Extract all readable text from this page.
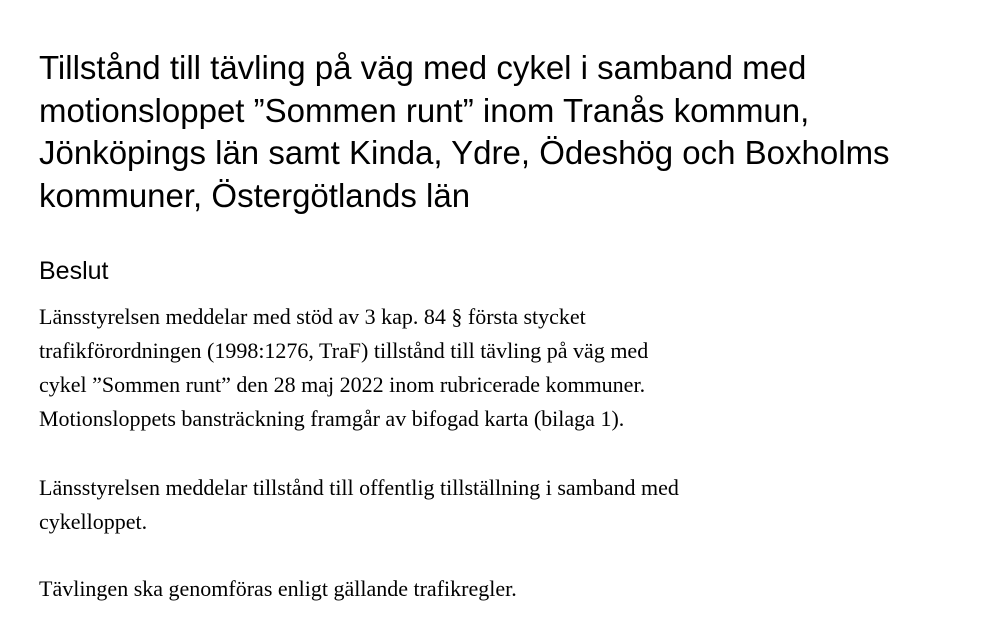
Tillstånd till tävling på väg med cykel i samband med
motionsloppet ”Sommen runt” inom Tranås kommun,
Jönköpings län samt Kinda, Ydre, Ödeshög och Boxholms
kommuner, Östergötlands län
Beslut

Länsstyrelsen meddelar med stöd av 3 kap. 84 § första stycket
trafikförordningen (1998:1276, TraF) tillstånd till tävling på väg med
cykel ”Sommen runt” den 28 maj 2022 inom rubricerade kommuner.
Motionsloppets bansträckning framgår av bifogad karta (bilaga 1).

Länsstyrelsen meddelar tillstånd till offentlig tillställning i samband med
cykelloppet.

Tävlingen ska genomföras enligt gällande trafikregler.
